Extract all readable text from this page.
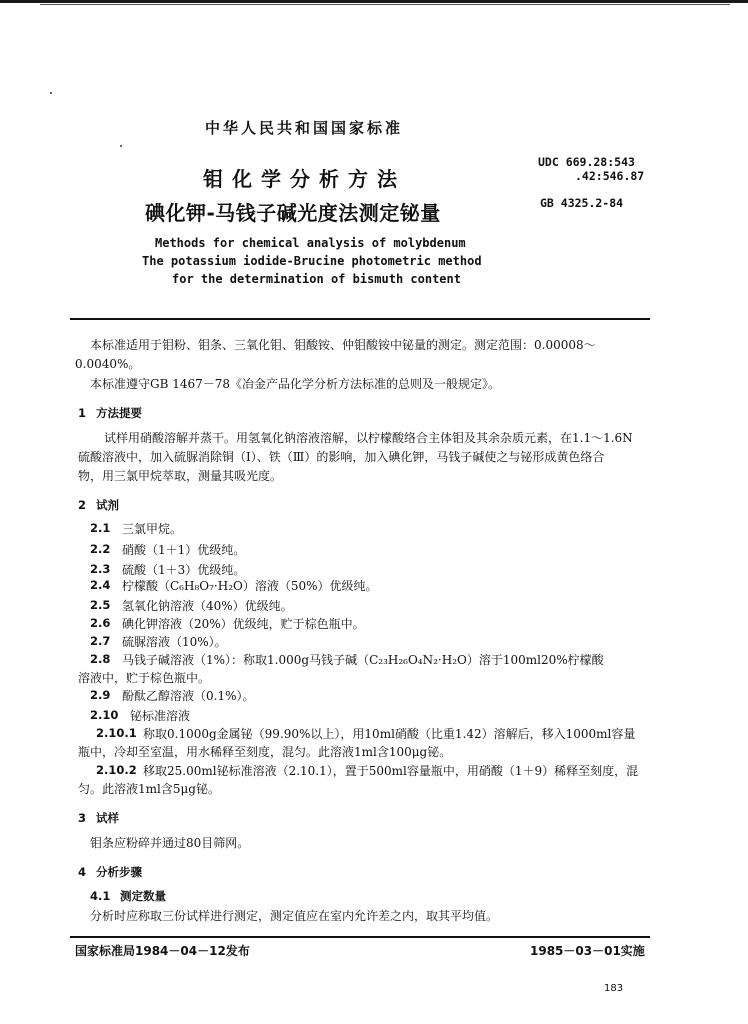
中华人民共和国国家标准
钼化学分析方法
碘化钾-马钱子碱光度法测定铋量
UDC 669.28:543
.42:546.87
GB 4325.2-84
Methods for chemical analysis of molybdenum
The potassium iodide-Brucine photometric method
for the determination of bismuth content
本标准适用于钼粉、钼条、三氧化钼、钼酸铵、仲钼酸铵中铋量的测定。测定范围：0.00008～
0.0040%。
本标准遵守GB 1467－78《冶金产品化学分析方法标准的总则及一般规定》。
1 方法提要
试样用硝酸溶解并蒸干。用氢氧化钠溶液溶解，以柠檬酸络合主体钼及其余杂质元素，在1.1～1.6N
硫酸溶液中，加入硫脲消除铜（Ⅰ）、铁（Ⅲ）的影响，加入碘化钾，马钱子碱使之与铋形成黄色络合
物，用三氯甲烷萃取，测量其吸光度。
2 试剂
2.1 三氯甲烷。
2.2 硝酸（1＋1）优级纯。
2.3 硫酸（1＋3）优级纯。
2.4 柠檬酸（C₆H₈O₇·H₂O）溶液（50%）优级纯。
2.5 氢氧化钠溶液（40%）优级纯。
2.6 碘化钾溶液（20%）优级纯，贮于棕色瓶中。
2.7 硫脲溶液（10%）。
2.8 马钱子碱溶液（1%）：称取1.000g马钱子碱（C₂₃H₂₆O₄N₂·H₂O）溶于100ml20%柠檬酸
溶液中，贮于棕色瓶中。
2.9 酚酞乙醇溶液（0.1%）。
2.10 铋标准溶液
2.10.1 称取0.1000g金属铋（99.90%以上），用10ml硝酸（比重1.42）溶解后，移入1000ml容量
瓶中，冷却至室温，用水稀释至刻度，混匀。此溶液1ml含100μg铋。
2.10.2 移取25.00ml铋标准溶液（2.10.1），置于500ml容量瓶中，用硝酸（1＋9）稀释至刻度，混
匀。此溶液1ml含5μg铋。
3 试样
钼条应粉碎并通过80目筛网。
4 分析步骤
4.1 测定数量
分析时应称取三份试样进行测定，测定值应在室内允许差之内，取其平均值。
国家标准局1984－04－12发布	1985－03－01实施
183
